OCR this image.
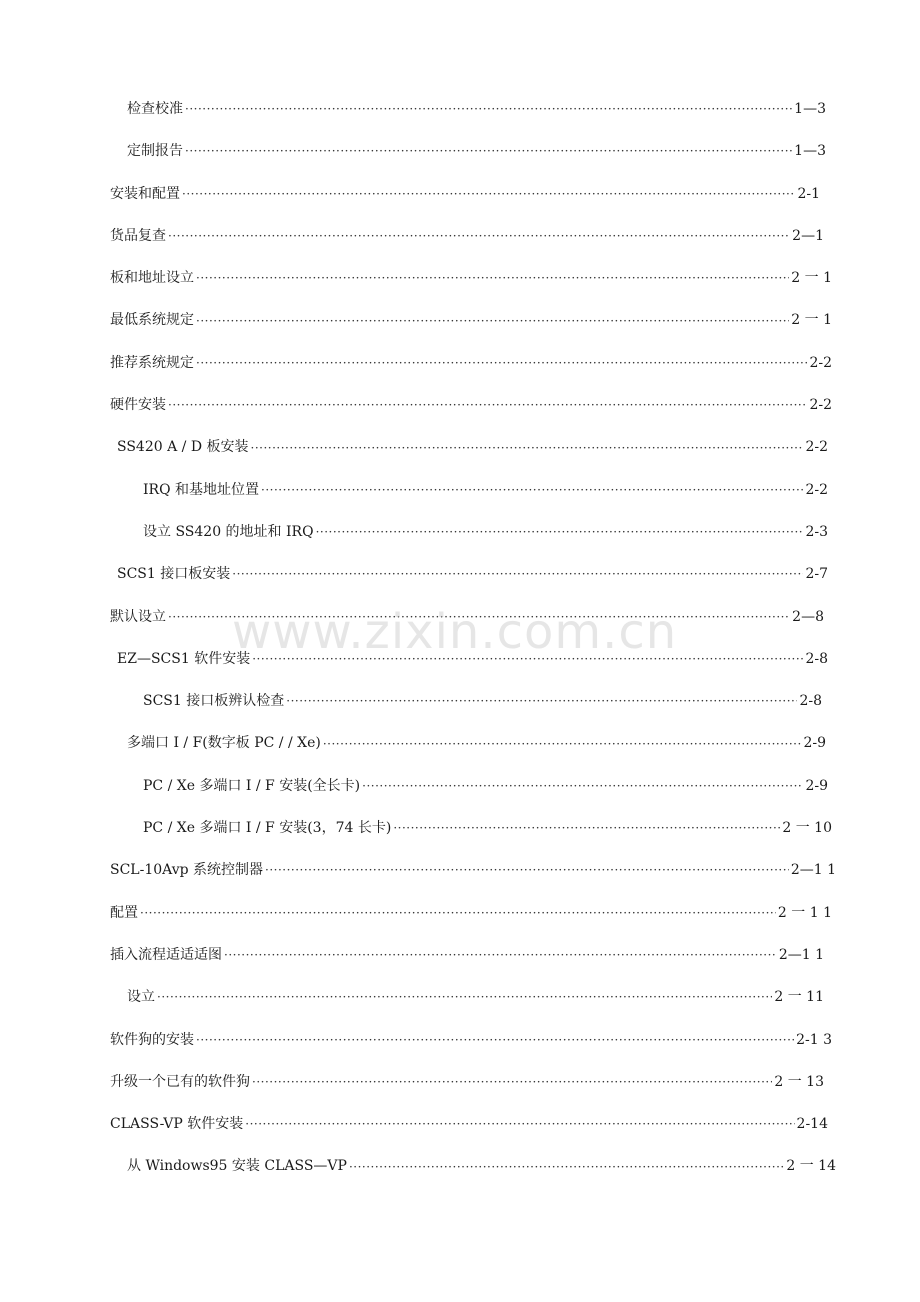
检查校准 ·····	1—3
定制报告 ·····	1—3
安装和配置 ·····	2-1
货品复查 ·····	2—1
板和地址设立 ·····	2 一 1
最低系统规定 ·····	2 一 1
推荐系统规定 ·····	2-2
硬件安装 ·····	2-2
SS420 A / D 板安装 ·····	2-2
IRQ 和基地址位置 ·····	2-2
设立 SS420 的地址和 IRQ ·····	2-3
SCS1 接口板安装 ·····	2-7
默认设立 ·····	2—8
EZ—SCS1 软件安装 ·····	2-8
SCS1 接口板辨认检查 ·····	2-8
多端口 I / F(数字板 PC / / Xe) ·····	2-9
PC / Xe 多端口 I / F 安装(全长卡) ·····	2-9
PC / Xe 多端口 I / F 安装(3，74 长卡) ·····	2 一 10
SCL-10Avp 系统控制器 ·····	2—1 1
配置 ·····	2 一 1 1
插入流程适适适图 ·····	2—1 1
设立 ·····	2 一 11
软件狗的安装 ·····	2-1 3
升级一个已有的软件狗 ·····	2 一 13
CLASS-VP 软件安装 ·····	2-14
从 Windows95 安装 CLASS—VP ·····	2 一 14
www.zixin.com.cn
